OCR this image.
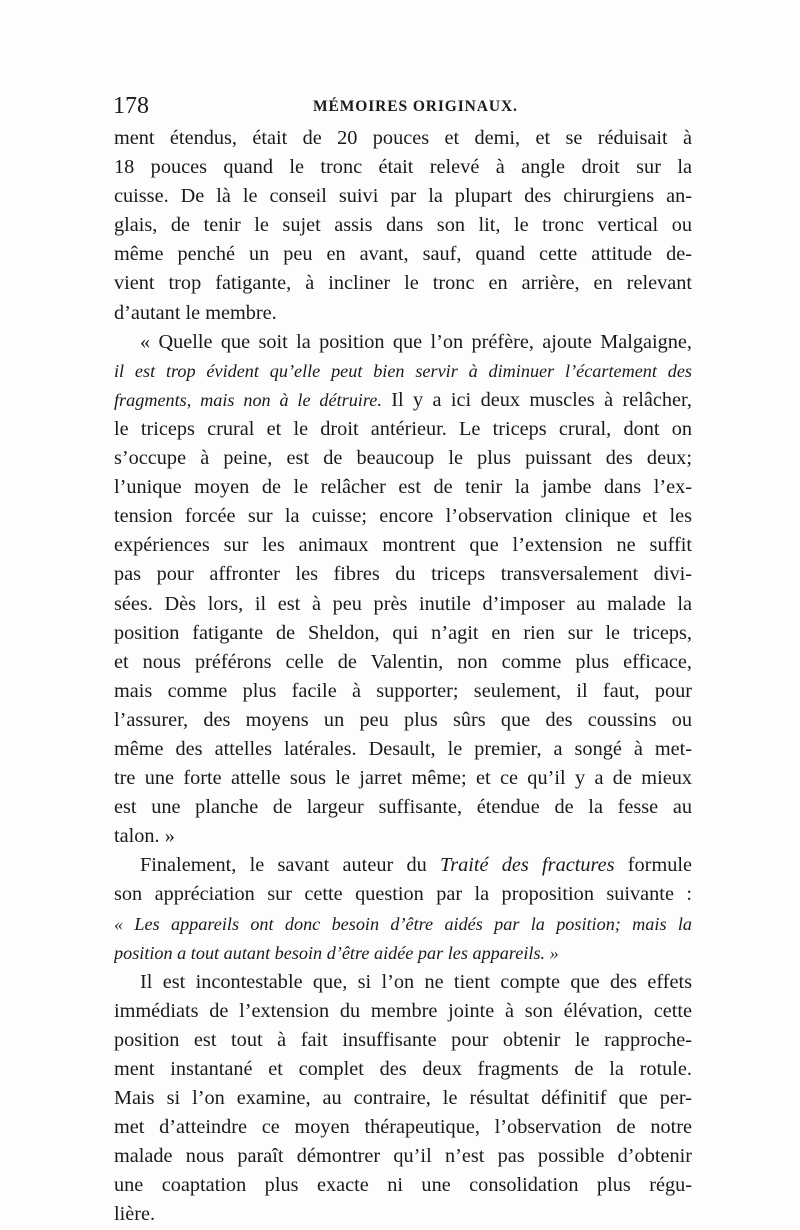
178	MÉMOIRES ORIGINAUX.
ment étendus, était de 20 pouces et demi, et se réduisait à
18 pouces quand le tronc était relevé à angle droit sur la
cuisse. De là le conseil suivi par la plupart des chirurgiens an-
glais, de tenir le sujet assis dans son lit, le tronc vertical ou
même penché un peu en avant, sauf, quand cette attitude de-
vient trop fatigante, à incliner le tronc en arrière, en relevant
d’autant le membre.
« Quelle que soit la position que l’on préfère, ajoute Malgaigne,
il est trop évident qu’elle peut bien servir à diminuer l’écartement des
fragments, mais non à le détruire. Il y a ici deux muscles à relâcher,
le triceps crural et le droit antérieur. Le triceps crural, dont on
s’occupe à peine, est de beaucoup le plus puissant des deux;
l’unique moyen de le relâcher est de tenir la jambe dans l’ex-
tension forcée sur la cuisse; encore l’observation clinique et les
expériences sur les animaux montrent que l’extension ne suffit
pas pour affronter les fibres du triceps transversalement divi-
sées. Dès lors, il est à peu près inutile d’imposer au malade la
position fatigante de Sheldon, qui n’agit en rien sur le triceps,
et nous préférons celle de Valentin, non comme plus efficace,
mais comme plus facile à supporter; seulement, il faut, pour
l’assurer, des moyens un peu plus sûrs que des coussins ou
même des attelles latérales. Desault, le premier, a songé à met-
tre une forte attelle sous le jarret même; et ce qu’il y a de mieux
est une planche de largeur suffisante, étendue de la fesse au
talon. »
Finalement, le savant auteur du Traité des fractures formule
son appréciation sur cette question par la proposition suivante :
« Les appareils ont donc besoin d’être aidés par la position; mais la
position a tout autant besoin d’être aidée par les appareils. »
Il est incontestable que, si l’on ne tient compte que des effets
immédiats de l’extension du membre jointe à son élévation, cette
position est tout à fait insuffisante pour obtenir le rapproche-
ment instantané et complet des deux fragments de la rotule.
Mais si l’on examine, au contraire, le résultat définitif que per-
met d’atteindre ce moyen thérapeutique, l’observation de notre
malade nous paraît démontrer qu’il n’est pas possible d’obtenir
une coaptation plus exacte ni une consolidation plus régu-
lière.
